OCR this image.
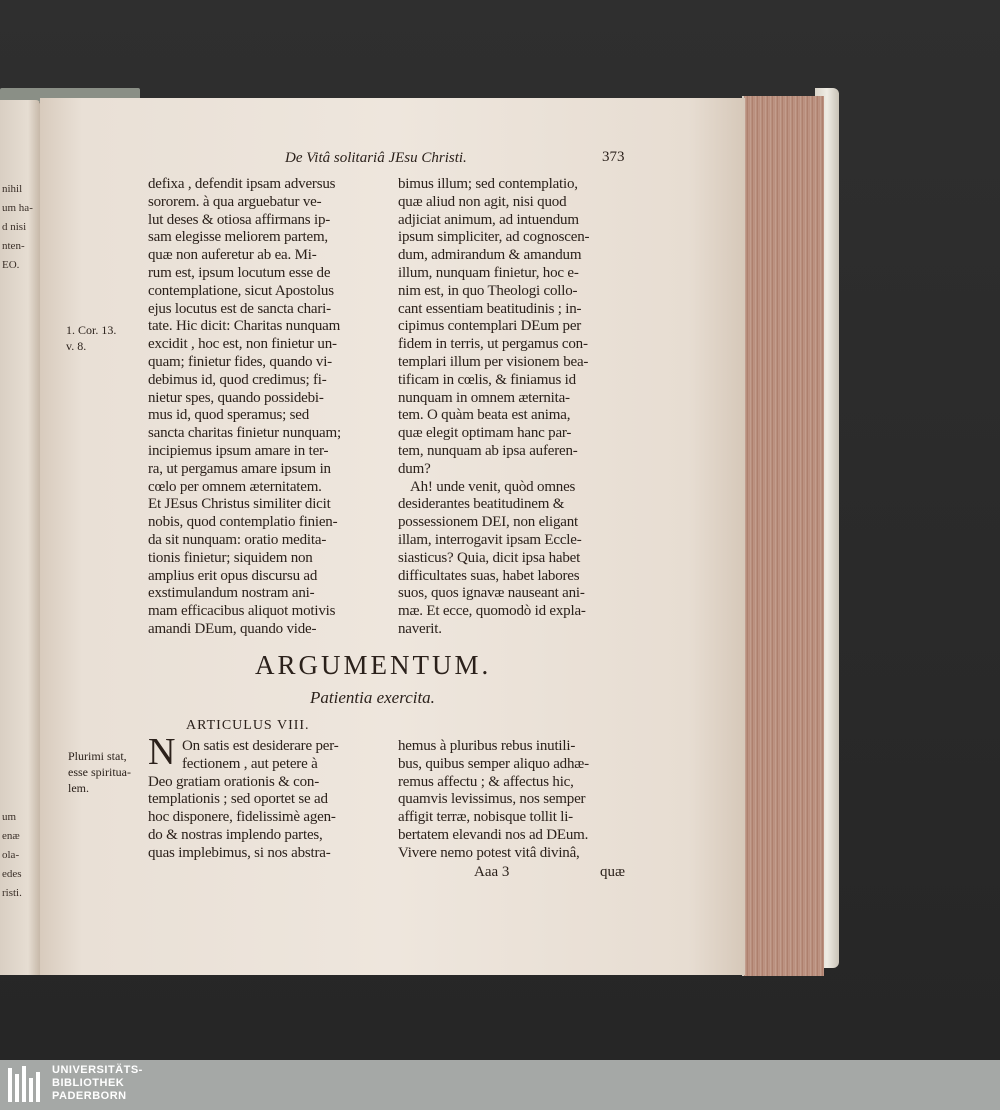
nihil
um ha-
d nisi
nten-
EO.
um
enæ
ola-
edes
risti.
De Vitâ solitariâ JEsu Christi.	373
defixa , defendit ipsam adversus
sororem. à qua arguebatur ve-
lut deses & otiosa affirmans ip-
sam elegisse meliorem partem,
quæ non auferetur ab ea. Mi-
rum est, ipsum locutum esse de
contemplatione, sicut Apostolus
ejus locutus est de sancta chari-
tate. Hic dicit: Charitas nunquam
excidit , hoc est, non finietur un-
quam; finietur fides, quando vi-
debimus id, quod credimus; fi-
nietur spes, quando possidebi-
mus id, quod speramus; sed
sancta charitas finietur nunquam;
incipiemus ipsum amare in ter-
ra, ut pergamus amare ipsum in
cœlo per omnem æternitatem.
Et JEsus Christus similiter dicit
nobis, quod contemplatio finien-
da sit nunquam: oratio medita-
tionis finietur; siquidem non
amplius erit opus discursu ad
exstimulandum nostram ani-
mam efficacibus aliquot motivis
amandi DEum, quando vide-
bimus illum; sed contemplatio,
quæ aliud non agit, nisi quod
adjiciat animum, ad intuendum
ipsum simpliciter, ad cognoscen-
dum, admirandum & amandum
illum, nunquam finietur, hoc e-
nim est, in quo Theologi collo-
cant essentiam beatitudinis ; in-
cipimus contemplari DEum per
fidem in terris, ut pergamus con-
templari illum per visionem bea-
tificam in cœlis, & finiamus id
nunquam in omnem æternita-
tem. O quàm beata est anima,
quæ elegit optimam hanc par-
tem, nunquam ab ipsa auferen-
dum?
Ah! unde venit, quòd omnes
desiderantes beatitudinem &
possessionem DEI, non eligant
illam, interrogavit ipsam Eccle-
siasticus? Quia, dicit ipsa habet
difficultates suas, habet labores
suos, quos ignavæ nauseant ani-
mæ. Et ecce, quomodò id expla-
naverit.
1. Cor. 13.
v. 8.
ARGUMENTUM.
Patientia exercita.
ARTICULUS VIII.
N On satis est desiderare per-
fectionem , aut petere à
Deo gratiam orationis & con-
templationis ; sed oportet se ad
hoc disponere, fidelissimè agen-
do & nostras implendo partes,
quas implebimus, si nos abstra-
hemus à pluribus rebus inutili-
bus, quibus semper aliquo adhæ-
remus affectu ; & affectus hic,
quamvis levissimus, nos semper
affigit terræ, nobisque tollit li-
bertatem elevandi nos ad DEum.
Vivere nemo potest vitâ divinâ,
Plurimi stat,
esse spiritua-
lem.
Aaa 3	quæ
UNIVERSITÄTS-
BIBLIOTHEK
PADERBORN
